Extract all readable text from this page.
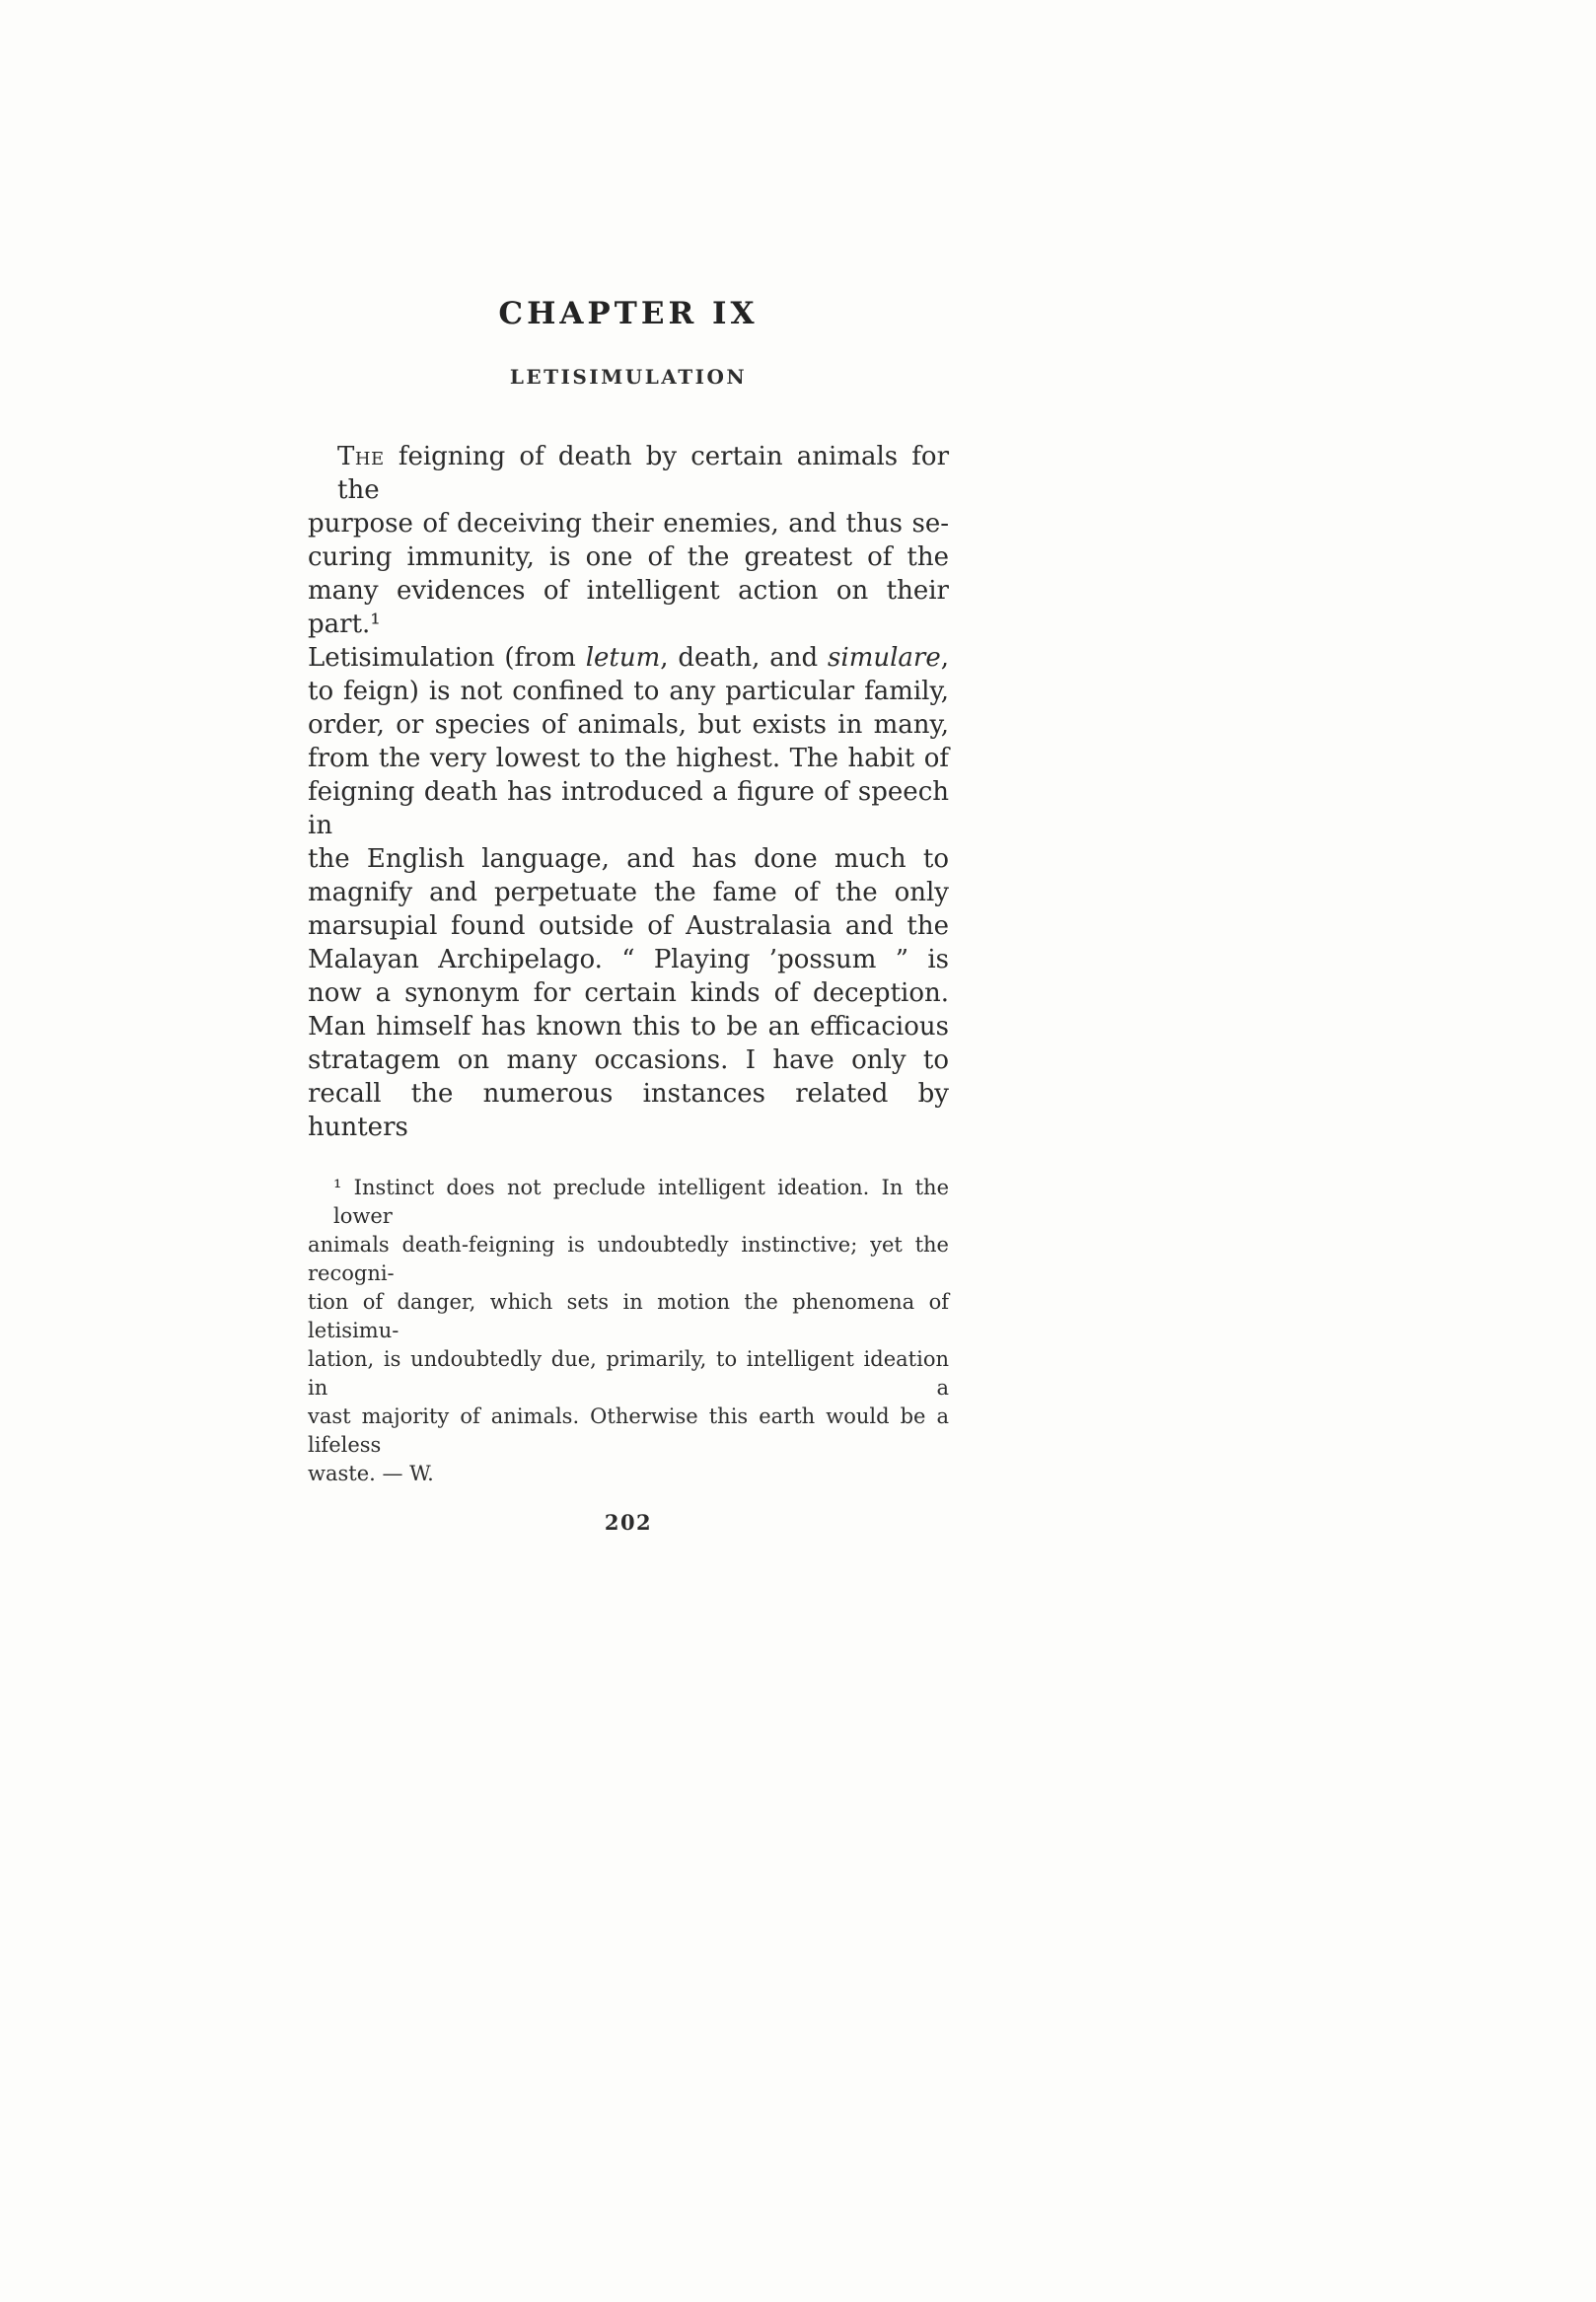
CHAPTER IX
LETISIMULATION
The feigning of death by certain animals for the
purpose of deceiving their enemies, and thus se-
curing immunity, is one of the greatest of the
many evidences of intelligent action on their part.¹
Letisimulation (from letum, death, and simulare,
to feign) is not confined to any particular family,
order, or species of animals, but exists in many,
from the very lowest to the highest. The habit of
feigning death has introduced a figure of speech in
the English language, and has done much to
magnify and perpetuate the fame of the only
marsupial found outside of Australasia and the
Malayan Archipelago. “ Playing ’possum ” is
now a synonym for certain kinds of deception.
Man himself has known this to be an efficacious
stratagem on many occasions. I have only to
recall the numerous instances related by hunters
¹ Instinct does not preclude intelligent ideation. In the lower
animals death-feigning is undoubtedly instinctive; yet the recogni-
tion of danger, which sets in motion the phenomena of letisimu-
lation, is undoubtedly due, primarily, to intelligent ideation in a
vast majority of animals. Otherwise this earth would be a lifeless
waste. — W.
202
